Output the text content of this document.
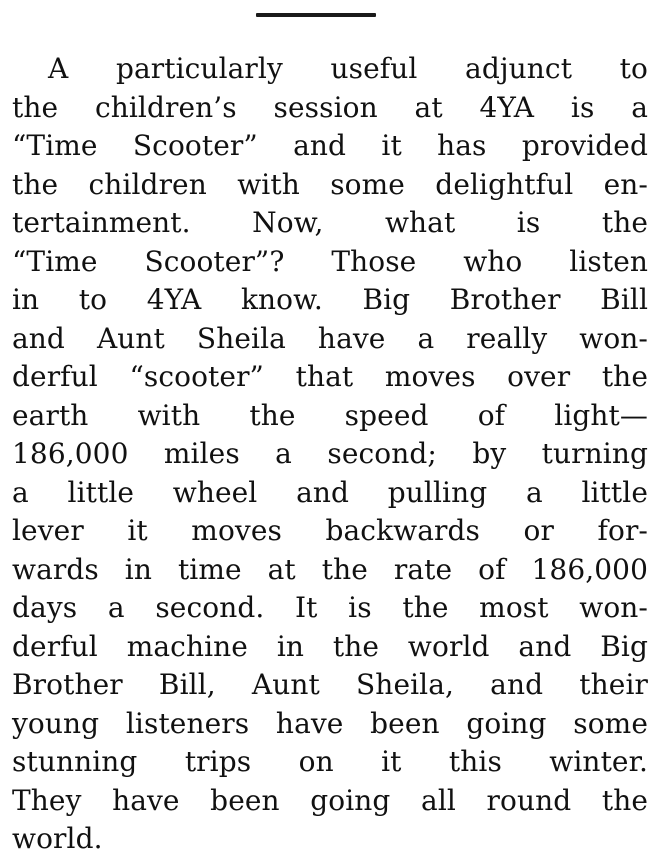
A particularly useful adjunct to
the children’s session at 4YA is a
“Time Scooter” and it has provided
the children with some delightful en-
tertainment. Now, what is the
“Time Scooter”? Those who listen
in to 4YA know. Big Brother Bill
and Aunt Sheila have a really won-
derful “scooter” that moves over the
earth with the speed of light—
186,000 miles a second; by turning
a little wheel and pulling a little
lever it moves backwards or for-
wards in time at the rate of 186,000
days a second. It is the most won-
derful machine in the world and Big
Brother Bill, Aunt Sheila, and their
young listeners have been going some
stunning trips on it this winter.
They have been going all round the
world.
